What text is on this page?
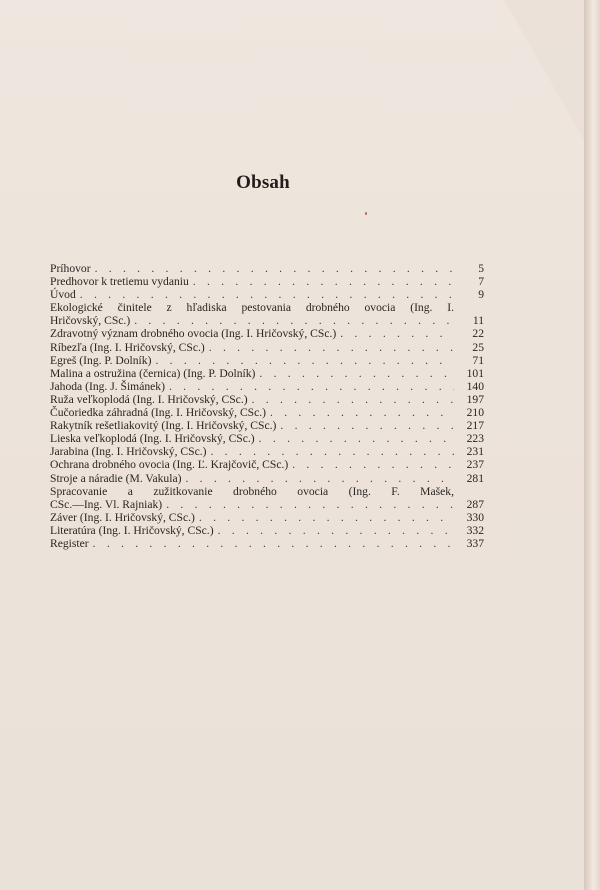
Obsah
Príhovor . . .	5
Predhovor k tretiemu vydaniu . . .	7
Úvod . . .	9
Ekologické činitele z hľadiska pestovania drobného ovocia (Ing. I.
Hričovský, CSc.) . . .	11
Zdravotný význam drobného ovocia (Ing. I. Hričovský, CSc.) . . .	22
Ríbezľa (Ing. I. Hričovský, CSc.) . . .	25
Egreš (Ing. P. Dolník) . . .	71
Malina a ostružina (černica) (Ing. P. Dolník) . . .	101
Jahoda (Ing. J. Šimánek) . . .	140
Ruža veľkoplodá (Ing. I. Hričovský, CSc.) . . .	197
Čučoriedka záhradná (Ing. I. Hričovský, CSc.) . . .	210
Rakytník rešetliakovitý (Ing. I. Hričovský, CSc.) . . .	217
Lieska veľkoplodá (Ing. I. Hričovský, CSc.) . . .	223
Jarabina (Ing. I. Hričovský, CSc.) . . .	231
Ochrana drobného ovocia (Ing. Ľ. Krajčovič, CSc.) . . .	237
Stroje a náradie (M. Vakula) . . .	281
Spracovanie a zužitkovanie drobného ovocia (Ing. F. Mašek,
CSc.—Ing. Vl. Rajniak) . . .	287
Záver (Ing. I. Hričovský, CSc.) . . .	330
Literatúra (Ing. I. Hričovský, CSc.) . . .	332
Register . . .	337
